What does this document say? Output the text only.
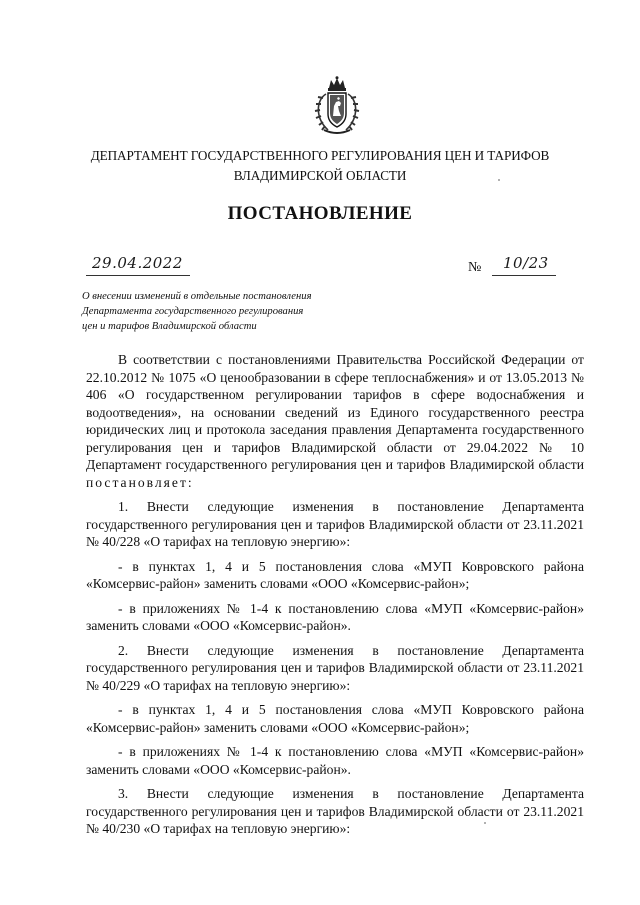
ДЕПАРТАМЕНТ ГОСУДАРСТВЕННОГО РЕГУЛИРОВАНИЯ ЦЕН И ТАРИФОВ
ВЛАДИМИРСКОЙ ОБЛАСТИ
ПОСТАНОВЛЕНИЕ
29.04.2022	№ 10/23
О внесении изменений в отдельные постановления
Департамента государственного регулирования
цен и тарифов Владимирской области

В соответствии с постановлениями Правительства Российской Федерации от 22.10.2012 № 1075 «О ценообразовании в сфере теплоснабжения» и от 13.05.2013 № 406 «О государственном регулировании тарифов в сфере водоснабжения и водоотведения», на основании сведений из Единого государственного реестра юридических лиц и протокола заседания правления Департамента государственного регулирования цен и тарифов Владимирской области от 29.04.2022 № 10 Департамент государственного регулирования цен и тарифов Владимирской области постановляет:

1. Внести следующие изменения в постановление Департамента государственного регулирования цен и тарифов Владимирской области от 23.11.2021 № 40/228 «О тарифах на тепловую энергию»:

- в пунктах 1, 4 и 5 постановления слова «МУП Ковровского района «Комсервис-район» заменить словами «ООО «Комсервис-район»;

- в приложениях № 1-4 к постановлению слова «МУП «Комсервис-район» заменить словами «ООО «Комсервис-район».

2. Внести следующие изменения в постановление Департамента государственного регулирования цен и тарифов Владимирской области от 23.11.2021 № 40/229 «О тарифах на тепловую энергию»:

- в пунктах 1, 4 и 5 постановления слова «МУП Ковровского района «Комсервис-район» заменить словами «ООО «Комсервис-район»;

- в приложениях № 1-4 к постановлению слова «МУП «Комсервис-район» заменить словами «ООО «Комсервис-район».

3. Внести следующие изменения в постановление Департамента государственного регулирования цен и тарифов Владимирской области от 23.11.2021 № 40/230 «О тарифах на тепловую энергию»:
